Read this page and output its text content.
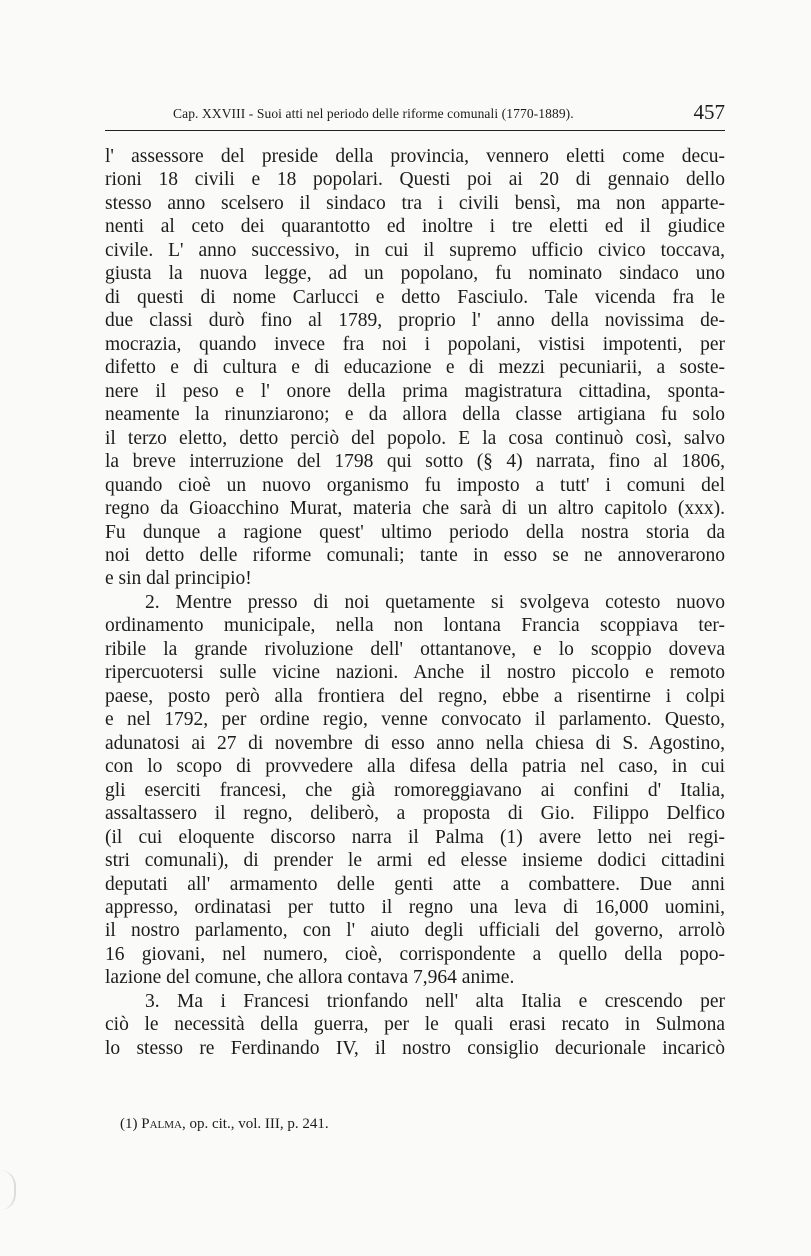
Cap. XXVIII - Suoi atti nel periodo delle riforme comunali (1770-1889).	457
l' assessore del preside della provincia, vennero eletti come decu-
rioni 18 civili e 18 popolari. Questi poi ai 20 di gennaio dello
stesso anno scelsero il sindaco tra i civili bensì, ma non apparte-
nenti al ceto dei quarantotto ed inoltre i tre eletti ed il giudice
civile. L' anno successivo, in cui il supremo ufficio civico toccava,
giusta la nuova legge, ad un popolano, fu nominato sindaco uno
di questi di nome Carlucci e detto Fasciulo. Tale vicenda fra le
due classi durò fino al 1789, proprio l' anno della novissima de-
mocrazia, quando invece fra noi i popolani, vistisi impotenti, per
difetto e di cultura e di educazione e di mezzi pecuniarii, a soste-
nere il peso e l' onore della prima magistratura cittadina, sponta-
neamente la rinunziarono; e da allora della classe artigiana fu solo
il terzo eletto, detto perciò del popolo. E la cosa continuò così, salvo
la breve interruzione del 1798 qui sotto (§ 4) narrata, fino al 1806,
quando cioè un nuovo organismo fu imposto a tutt' i comuni del
regno da Gioacchino Murat, materia che sarà di un altro capitolo (xxx).
Fu dunque a ragione quest' ultimo periodo della nostra storia da
noi detto delle riforme comunali; tante in esso se ne annoverarono
e sin dal principio!
2. Mentre presso di noi quetamente si svolgeva cotesto nuovo
ordinamento municipale, nella non lontana Francia scoppiava ter-
ribile la grande rivoluzione dell' ottantanove, e lo scoppio doveva
ripercuotersi sulle vicine nazioni. Anche il nostro piccolo e remoto
paese, posto però alla frontiera del regno, ebbe a risentirne i colpi
e nel 1792, per ordine regio, venne convocato il parlamento. Questo,
adunatosi ai 27 di novembre di esso anno nella chiesa di S. Agostino,
con lo scopo di provvedere alla difesa della patria nel caso, in cui
gli eserciti francesi, che già romoreggiavano ai confini d' Italia,
assaltassero il regno, deliberò, a proposta di Gio. Filippo Delfico
(il cui eloquente discorso narra il Palma (1) avere letto nei regi-
stri comunali), di prender le armi ed elesse insieme dodici cittadini
deputati all' armamento delle genti atte a combattere. Due anni
appresso, ordinatasi per tutto il regno una leva di 16,000 uomini,
il nostro parlamento, con l' aiuto degli ufficiali del governo, arrolò
16 giovani, nel numero, cioè, corrispondente a quello della popo-
lazione del comune, che allora contava 7,964 anime.
3. Ma i Francesi trionfando nell' alta Italia e crescendo per
ciò le necessità della guerra, per le quali erasi recato in Sulmona
lo stesso re Ferdinando IV, il nostro consiglio decurionale incaricò
(1) Palma, op. cit., vol. III, p. 241.
